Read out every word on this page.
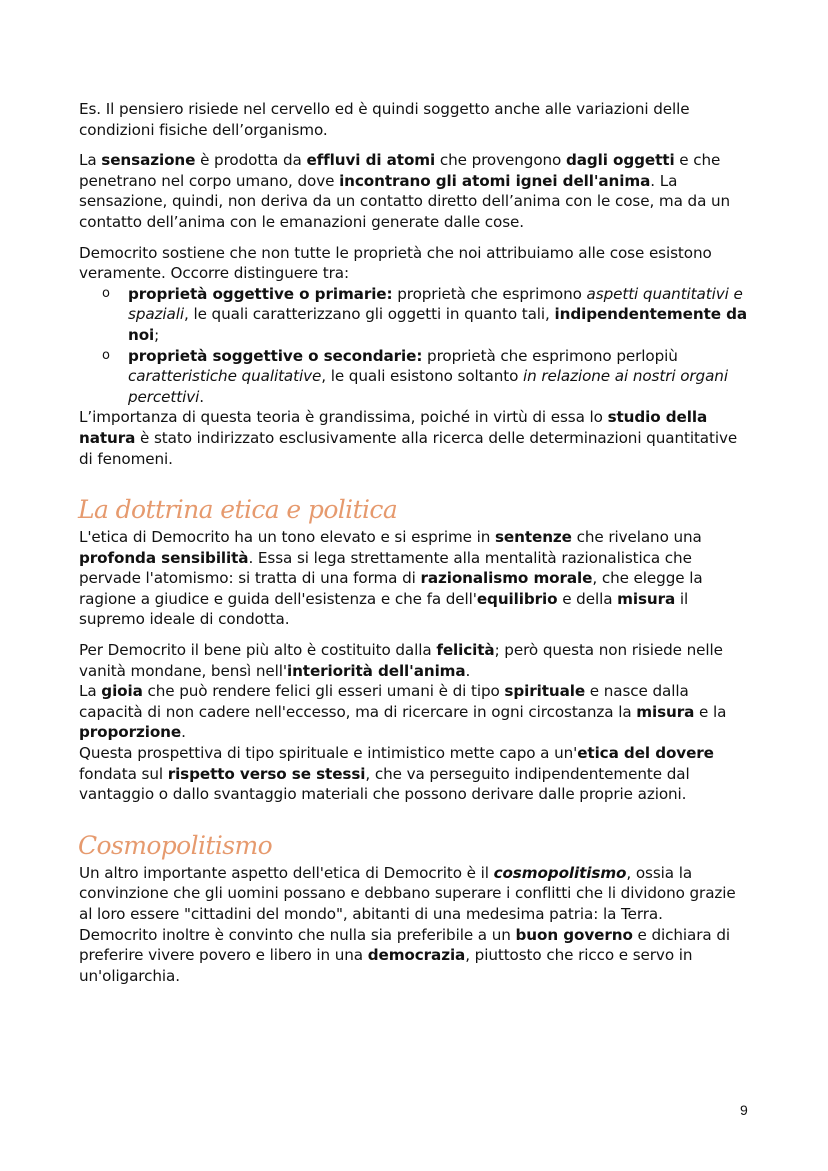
Es. Il pensiero risiede nel cervello ed è quindi soggetto anche alle variazioni delle condizioni fisiche dell’organismo.

La sensazione è prodotta da effluvi di atomi che provengono dagli oggetti e che penetrano nel corpo umano, dove incontrano gli atomi ignei dell'anima. La sensazione, quindi, non deriva da un contatto diretto dell’anima con le cose, ma da un contatto dell’anima con le emanazioni generate dalle cose.

Democrito sostiene che non tutte le proprietà che noi attribuiamo alle cose esistono veramente. Occorre distinguere tra:

o proprietà oggettive o primarie: proprietà che esprimono aspetti quantitativi e spaziali, le quali caratterizzano gli oggetti in quanto tali, indipendentemente da noi;
o proprietà soggettive o secondarie: proprietà che esprimono perlopiù caratteristiche qualitative, le quali esistono soltanto in relazione ai nostri organi percettivi.

L’importanza di questa teoria è grandissima, poiché in virtù di essa lo studio della natura è stato indirizzato esclusivamente alla ricerca delle determinazioni quantitative di fenomeni.

La dottrina etica e politica

L'etica di Democrito ha un tono elevato e si esprime in sentenze che rivelano una profonda sensibilità. Essa si lega strettamente alla mentalità razionalistica che pervade l'atomismo: si tratta di una forma di razionalismo morale, che elegge la ragione a giudice e guida dell'esistenza e che fa dell'equilibrio e della misura il supremo ideale di condotta.

Per Democrito il bene più alto è costituito dalla felicità; però questa non risiede nelle vanità mondane, bensì nell'interiorità dell'anima.

La gioia che può rendere felici gli esseri umani è di tipo spirituale e nasce dalla capacità di non cadere nell'eccesso, ma di ricercare in ogni circostanza la misura e la proporzione.

Questa prospettiva di tipo spirituale e intimistico mette capo a un'etica del dovere fondata sul rispetto verso se stessi, che va perseguito indipendentemente dal vantaggio o dallo svantaggio materiali che possono derivare dalle proprie azioni.

Cosmopolitismo

Un altro importante aspetto dell'etica di Democrito è il cosmopolitismo, ossia la convinzione che gli uomini possano e debbano superare i conflitti che li dividono grazie al loro essere "cittadini del mondo", abitanti di una medesima patria: la Terra.

Democrito inoltre è convinto che nulla sia preferibile a un buon governo e dichiara di preferire vivere povero e libero in una democrazia, piuttosto che ricco e servo in un'oligarchia.

9
